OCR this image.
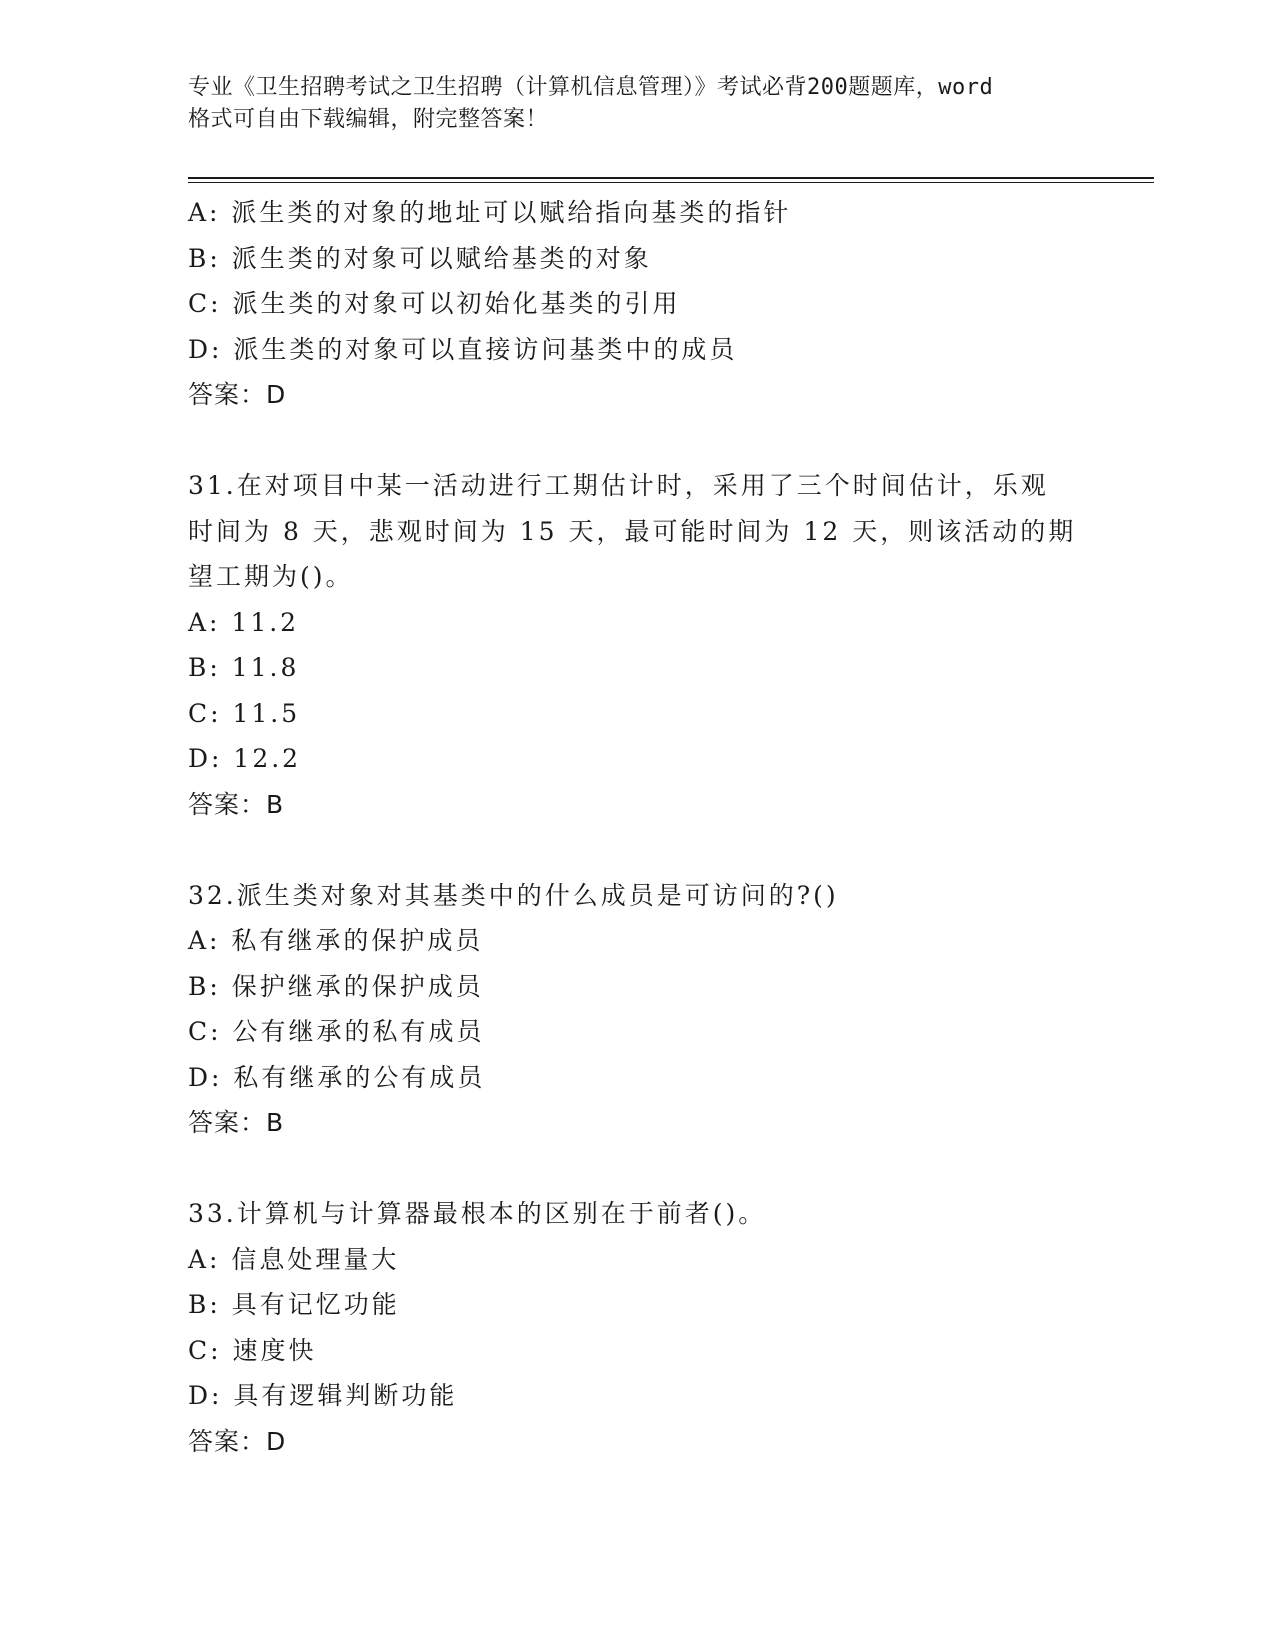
专业《卫生招聘考试之卫生招聘（计算机信息管理）》考试必背200题题库，word
格式可自由下载编辑，附完整答案！
A: 派生类的对象的地址可以赋给指向基类的指针
B: 派生类的对象可以赋给基类的对象
C: 派生类的对象可以初始化基类的引用
D: 派生类的对象可以直接访问基类中的成员
答案：D
31.在对项目中某一活动进行工期估计时，采用了三个时间估计，乐观
时间为 8 天，悲观时间为 15 天，最可能时间为 12 天，则该活动的期
望工期为()。
A: 11.2
B: 11.8
C: 11.5
D: 12.2
答案：B
32.派生类对象对其基类中的什么成员是可访问的?()
A: 私有继承的保护成员
B: 保护继承的保护成员
C: 公有继承的私有成员
D: 私有继承的公有成员
答案：B
33.计算机与计算器最根本的区别在于前者()。
A: 信息处理量大
B: 具有记忆功能
C: 速度快
D: 具有逻辑判断功能
答案：D
